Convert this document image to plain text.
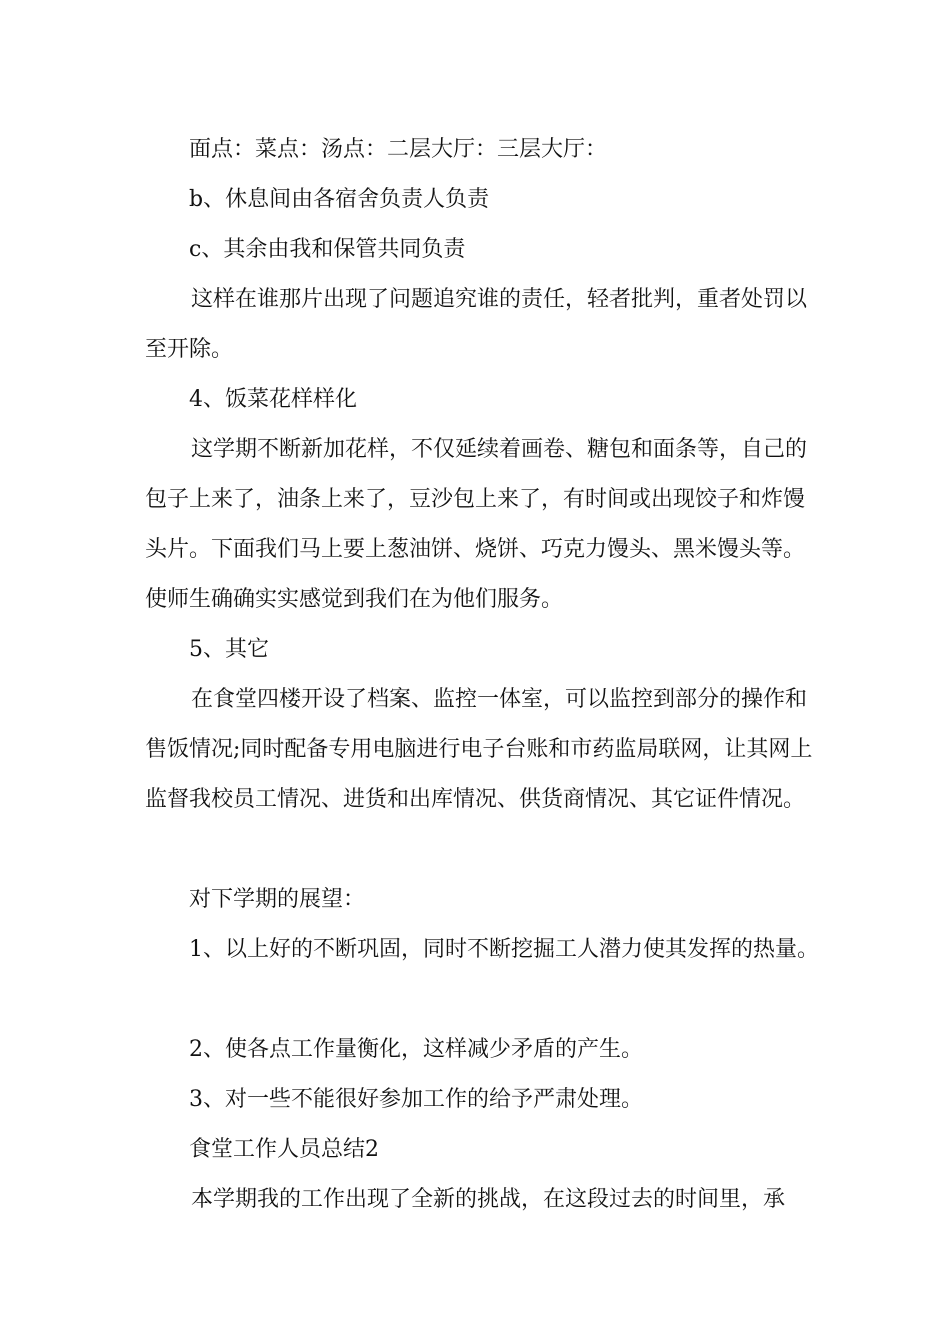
面点：菜点：汤点：二层大厅：三层大厅：

b、休息间由各宿舍负责人负责

c、其余由我和保管共同负责

这样在谁那片出现了问题追究谁的责任，轻者批判，重者处罚以至开除。

4、饭菜花样样化

这学期不断新加花样，不仅延续着画卷、糖包和面条等，自己的包子上来了，油条上来了，豆沙包上来了，有时间或出现饺子和炸馒头片。下面我们马上要上葱油饼、烧饼、巧克力馒头、黑米馒头等。使师生确确实实感觉到我们在为他们服务。

5、其它

在食堂四楼开设了档案、监控一体室，可以监控到部分的操作和售饭情况;同时配备专用电脑进行电子台账和市药监局联网，让其网上监督我校员工情况、进货和出库情况、供货商情况、其它证件情况。

对下学期的展望：

1、以上好的不断巩固，同时不断挖掘工人潜力使其发挥的热量。

2、使各点工作量衡化，这样减少矛盾的产生。

3、对一些不能很好参加工作的给予严肃处理。

食堂工作人员总结2

本学期我的工作出现了全新的挑战，在这段过去的时间里，承
